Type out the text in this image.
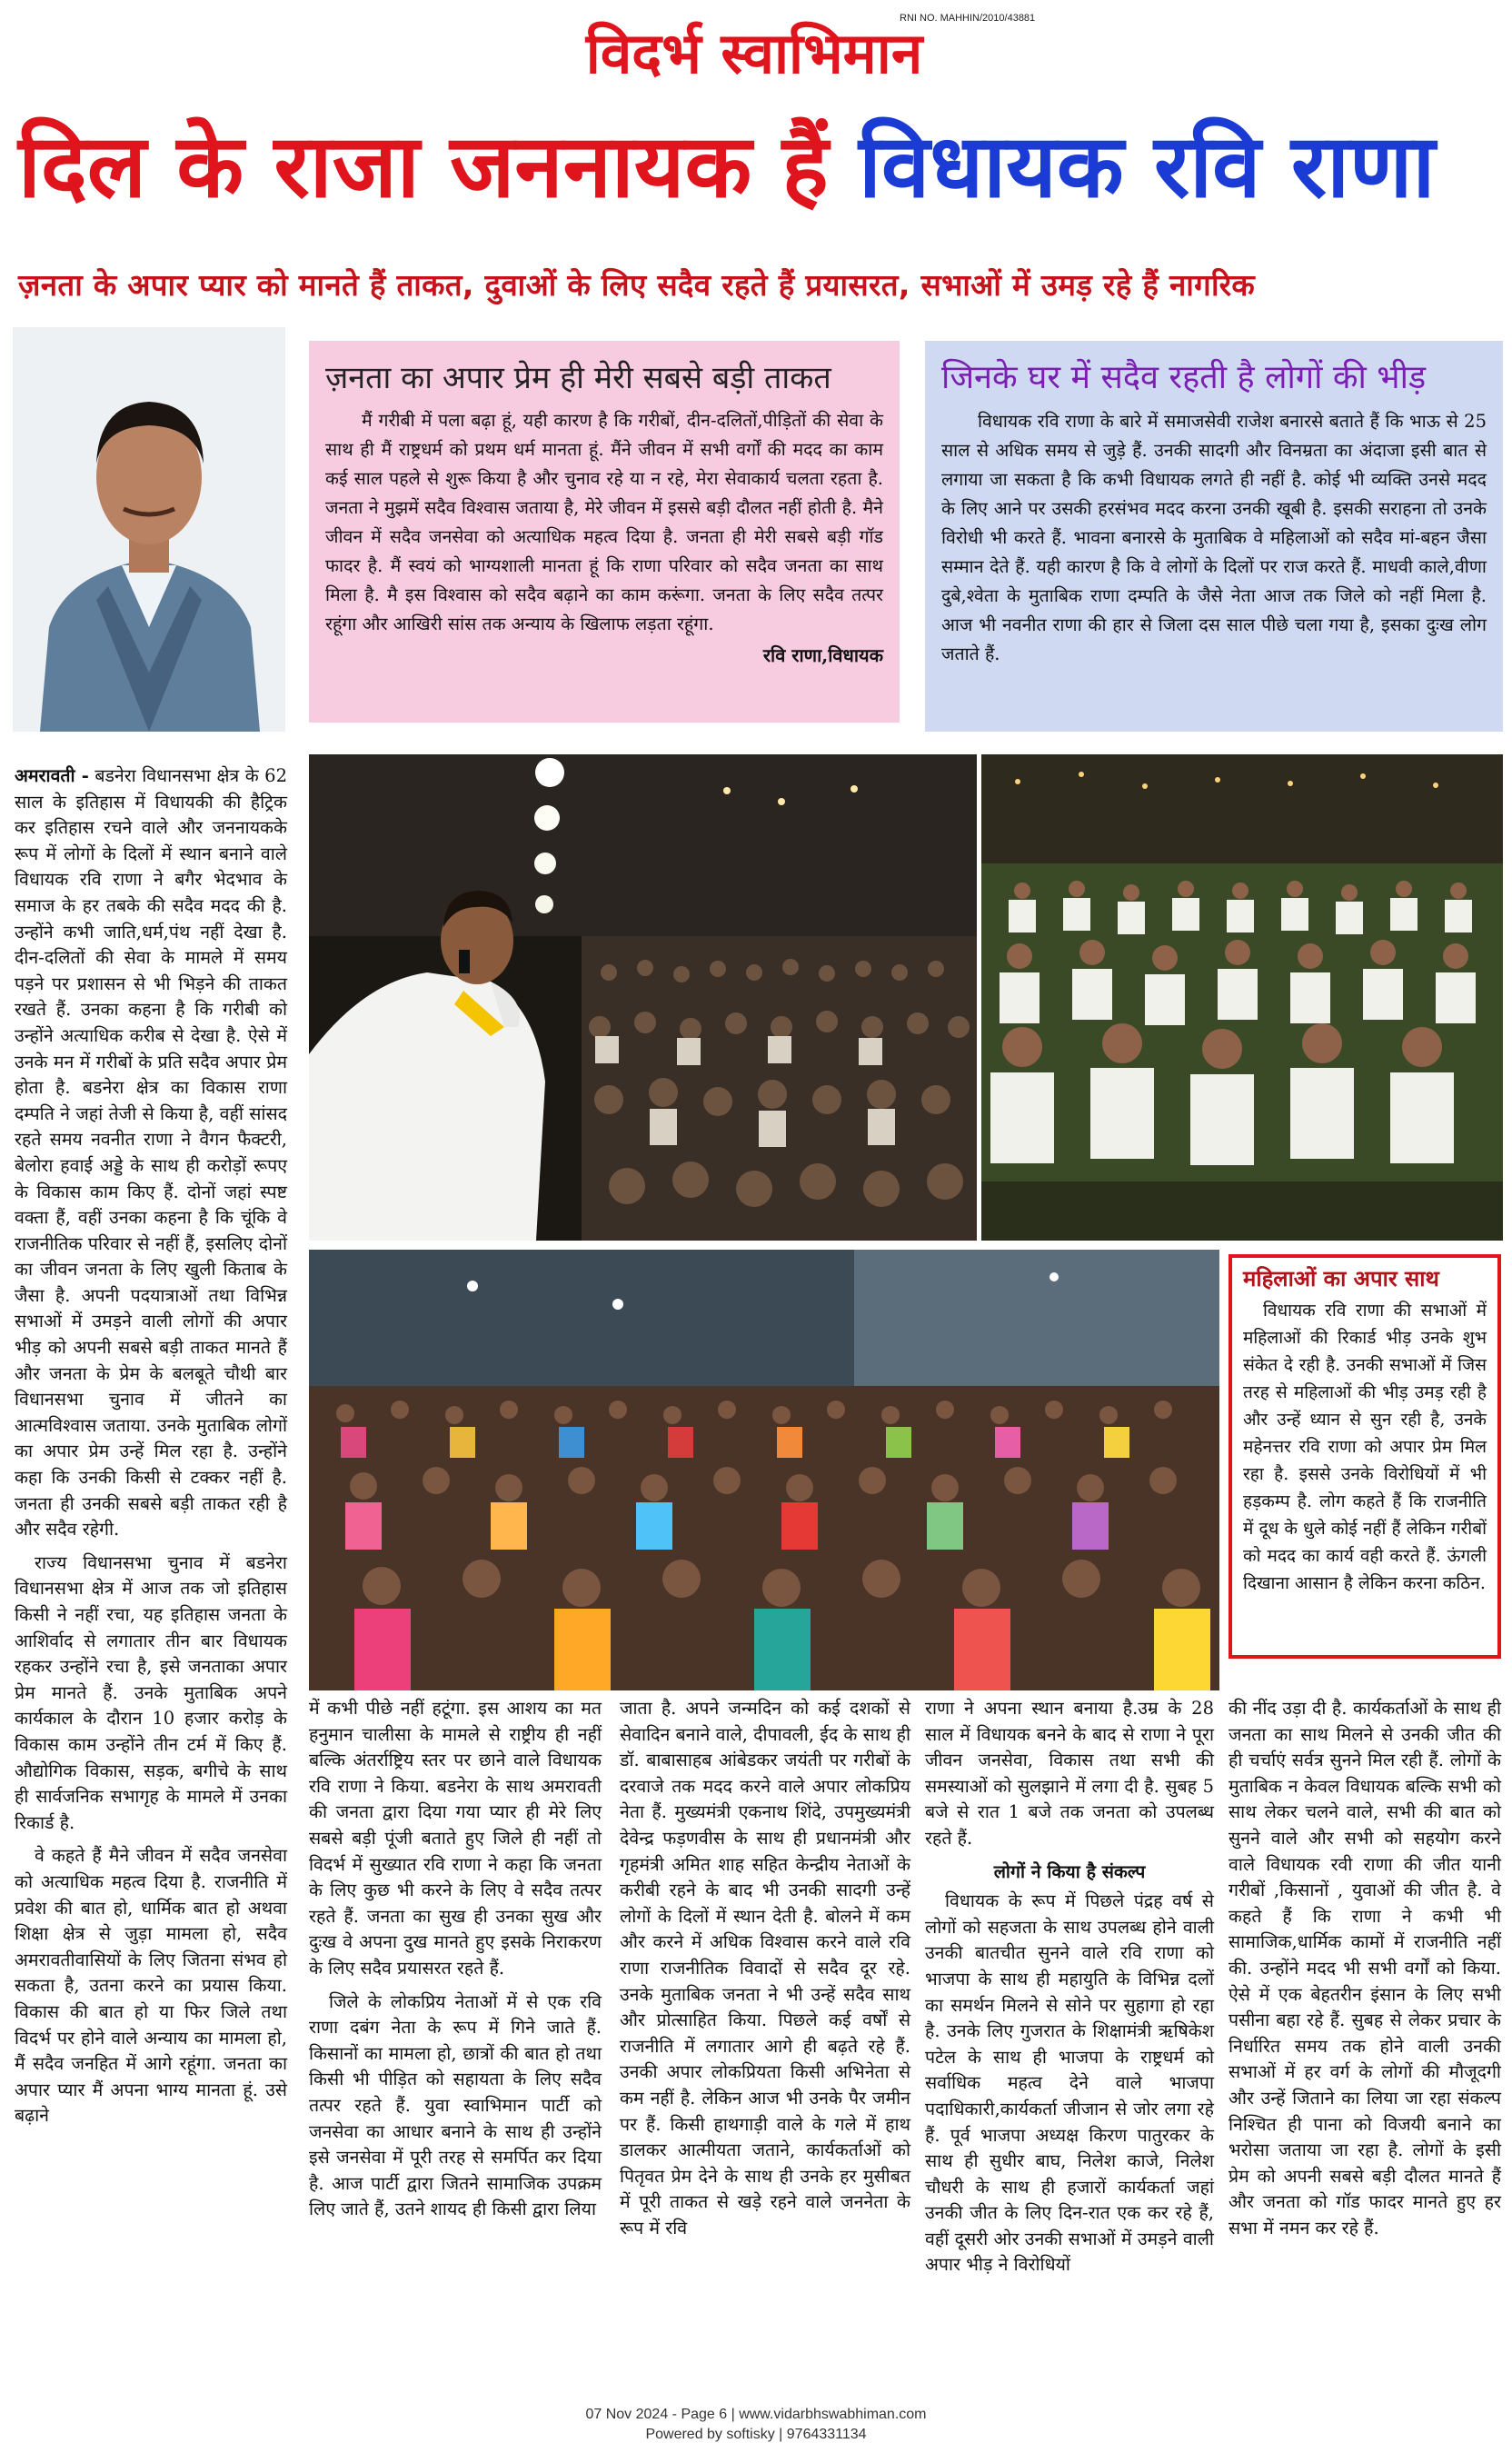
विदर्भ स्वाभिमान
RNI NO. MAHHIN/2010/43881
दिल के राजा जननायक हैं विधायक रवि राणा
ज़नता के अपार प्यार को मानते हैं ताकत, दुवाओं के लिए सदैव रहते हैं प्रयासरत, सभाओं में उमड़ रहे हैं नागरिक
ज़नता का अपार प्रेम ही मेरी सबसे बड़ी ताकत
मैं गरीबी में पला बढ़ा हूं, यही कारण है कि गरीबों, दीन-दलितों,पीड़ितों की सेवा के साथ ही मैं राष्ट्रधर्म को प्रथम धर्म मानता हूं. मैंने जीवन में सभी वर्गों की मदद का काम कई साल पहले से शुरू किया है और चुनाव रहे या न रहे, मेरा सेवाकार्य चलता रहता है. जनता ने मुझमें सदैव विश्वास जताया है, मेरे जीवन में इससे बड़ी दौलत नहीं होती है. मैने जीवन में सदैव जनसेवा को अत्याधिक महत्व दिया है. जनता ही मेरी सबसे बड़ी गॉड फादर है. मैं स्वयं को भाग्यशाली मानता हूं कि राणा परिवार को सदैव जनता का साथ मिला है. मै इस विश्वास को सदैव बढ़ाने का काम करूंगा. जनता के लिए सदैव तत्पर रहूंगा और आखिरी सांस तक अन्याय के खिलाफ लड़ता रहूंगा.
रवि राणा,विधायक
जिनके घर में सदैव रहती है लोगों की भीड़
विधायक रवि राणा के बारे में समाजसेवी राजेश बनारसे बताते हैं कि भाऊ से 25 साल से अधिक समय से जुड़े हैं. उनकी सादगी और विनम्रता का अंदाजा इसी बात से लगाया जा सकता है कि कभी विधायक लगते ही नहीं है. कोई भी व्यक्ति उनसे मदद के लिए आने पर उसकी हरसंभव मदद करना उनकी खूबी है. इसकी सराहना तो उनके विरोधी भी करते हैं. भावना बनारसे के मुताबिक वे महिलाओं को सदैव मां-बहन जैसा सम्मान देते हैं. यही कारण है कि वे लोगों के दिलों पर राज करते हैं. माधवी काले,वीणा दुबे,श्वेता के मुताबिक राणा दम्पति के जैसे नेता आज तक जिले को नहीं मिला है. आज भी नवनीत राणा की हार से जिला दस साल पीछे चला गया है, इसका दुःख लोग जताते हैं.

अमरावती - बडनेरा विधानसभा क्षेत्र के 62 साल के इतिहास में विधायकी की हैट्रिक कर इतिहास रचने वाले और जननायकके रूप में लोगों के दिलों में स्थान बनाने वाले विधायक रवि राणा ने बगैर भेदभाव के समाज के हर तबके की सदैव मदद की है. उन्होंने कभी जाति,धर्म,पंथ नहीं देखा है. दीन-दलितों की सेवा के मामले में समय पड़ने पर प्रशासन से भी भिड़ने की ताकत रखते हैं. उनका कहना है कि गरीबी को उन्होंने अत्याधिक करीब से देखा है. ऐसे में उनके मन में गरीबों के प्रति सदैव अपार प्रेम होता है. बडनेरा क्षेत्र का विकास राणा दम्पति ने जहां तेजी से किया है, वहीं सांसद रहते समय नवनीत राणा ने वैगन फैक्टरी, बेलोरा हवाई अड्डे के साथ ही करोड़ों रूपए के विकास काम किए हैं. दोनों जहां स्पष्ट वक्ता हैं, वहीं उनका कहना है कि चूंकि वे राजनीतिक परिवार से नहीं हैं, इसलिए दोनों का जीवन जनता के लिए खुली किताब के जैसा है. अपनी पदयात्राओं तथा विभिन्न सभाओं में उमड़ने वाली लोगों की अपार भीड़ को अपनी सबसे बड़ी ताकत मानते हैं और जनता के प्रेम के बलबूते चौथी बार विधानसभा चुनाव में जीतने का आत्मविश्वास जताया. उनके मुताबिक लोगों का अपार प्रेम उन्हें मिल रहा है. उन्होंने कहा कि उनकी किसी से टक्कर नहीं है. जनता ही उनकी सबसे बड़ी ताकत रही है और सदैव रहेगी.

राज्य विधानसभा चुनाव में बडनेरा विधानसभा क्षेत्र में आज तक जो इतिहास किसी ने नहीं रचा, यह इतिहास जनता के आशिर्वाद से लगातार तीन बार विधायक रहकर उन्होंने रचा है, इसे जनताका अपार प्रेम मानते हैं. उनके मुताबिक अपने कार्यकाल के दौरान 10 हजार करोड़ के विकास काम उन्होंने तीन टर्म में किए हैं. औद्योगिक विकास, सड़क, बगीचे के साथ ही सार्वजनिक सभागृह के मामले में उनका रिकार्ड है.

वे कहते हैं मैने जीवन में सदैव जनसेवा को अत्याधिक महत्व दिया है. राजनीति में प्रवेश की बात हो, धार्मिक बात हो अथवा शिक्षा क्षेत्र से जुड़ा मामला हो, सदैव अमरावतीवासियों के लिए जितना संभव हो सकता है, उतना करने का प्रयास किया. विकास की बात हो या फिर जिले तथा विदर्भ पर होने वाले अन्याय का मामला हो, मैं सदैव जनहित में आगे रहूंगा. जनता का अपार प्यार मैं अपना भाग्य मानता हूं. उसे बढ़ाने

महिलाओं का अपार साथ
विधायक रवि राणा की सभाओं में महिलाओं की रिकार्ड भीड़ उनके शुभ संकेत दे रही है. उनकी सभाओं में जिस तरह से महिलाओं की भीड़ उमड़ रही है और उन्हें ध्यान से सुन रही है, उनके महेनत्तर रवि राणा को अपार प्रेम मिल रहा है. इससे उनके विरोधियों में भी हड़कम्प है. लोग कहते हैं कि राजनीति में दूध के धुले कोई नहीं हैं लेकिन गरीबों को मदद का कार्य वही करते हैं. ऊंगली दिखाना आसान है लेकिन करना कठिन.

में कभी पीछे नहीं हटूंगा. इस आशय का मत हनुमान चालीसा के मामले से राष्ट्रीय ही नहीं बल्कि अंतर्राष्ट्रिय स्तर पर छाने वाले विधायक रवि राणा ने किया. बडनेरा के साथ अमरावती की जनता द्वारा दिया गया प्यार ही मेरे लिए सबसे बड़ी पूंजी बताते हुए जिले ही नहीं तो विदर्भ में सुख्यात रवि राणा ने कहा कि जनता के लिए कुछ भी करने के लिए वे सदैव तत्पर रहते हैं. जनता का सुख ही उनका सुख और दुःख वे अपना दुख मानते हुए इसके निराकरण के लिए सदैव प्रयासरत रहते हैं.

जिले के लोकप्रिय नेताओं में से एक रवि राणा दबंग नेता के रूप में गिने जाते हैं. किसानों का मामला हो, छात्रों की बात हो तथा किसी भी पीड़ित को सहायता के लिए सदैव तत्पर रहते हैं. युवा स्वाभिमान पार्टी को जनसेवा का आधार बनाने के साथ ही उन्होंने इसे जनसेवा में पूरी तरह से समर्पित कर दिया है. आज पार्टी द्वारा जितने सामाजिक उपक्रम लिए जाते हैं, उतने शायद ही किसी द्वारा लिया

जाता है. अपने जन्मदिन को कई दशकों से सेवादिन बनाने वाले, दीपावली, ईद के साथ ही डॉ. बाबासाहब आंबेडकर जयंती पर गरीबों के दरवाजे तक मदद करने वाले अपार लोकप्रिय नेता हैं. मुख्यमंत्री एकनाथ शिंदे, उपमुख्यमंत्री देवेन्द्र फड़णवीस के साथ ही प्रधानमंत्री और गृहमंत्री अमित शाह सहित केन्द्रीय नेताओं के करीबी रहने के बाद भी उनकी सादगी उन्हें लोगों के दिलों में स्थान देती है. बोलने में कम और करने में अधिक विश्वास करने वाले रवि राणा राजनीतिक विवादों से सदैव दूर रहे. उनके मुताबिक जनता ने भी उन्हें सदैव साथ और प्रोत्साहित किया. पिछले कई वर्षों से राजनीति में लगातार आगे ही बढ़ते रहे हैं. उनकी अपार लोकप्रियता किसी अभिनेता से कम नहीं है. लेकिन आज भी उनके पैर जमीन पर हैं. किसी हाथगाड़ी वाले के गले में हाथ डालकर आत्मीयता जताने, कार्यकर्ताओं को पितृवत प्रेम देने के साथ ही उनके हर मुसीबत में पूरी ताकत से खड़े रहने वाले जननेता के रूप में रवि

राणा ने अपना स्थान बनाया है.उम्र के 28 साल में विधायक बनने के बाद से राणा ने पूरा जीवन जनसेवा, विकास तथा सभी की समस्याओं को सुलझाने में लगा दी है. सुबह 5 बजे से रात 1 बजे तक जनता को उपलब्ध रहते हैं.

लोगों ने किया है संकल्प

विधायक के रूप में पिछले पंद्रह वर्ष से लोगों को सहजता के साथ उपलब्ध होने वाली उनकी बातचीत सुनने वाले रवि राणा को भाजपा के साथ ही महायुति के विभिन्न दलों का समर्थन मिलने से सोने पर सुहागा हो रहा है. उनके लिए गुजरात के शिक्षामंत्री ऋषिकेश पटेल के साथ ही भाजपा के राष्ट्रधर्म को सर्वाधिक महत्व देने वाले भाजपा पदाधिकारी,कार्यकर्ता जीजान से जोर लगा रहे हैं. पूर्व भाजपा अध्यक्ष किरण पातुरकर के साथ ही सुधीर बाघ, निलेश काजे, निलेश चौधरी के साथ ही हजारों कार्यकर्ता जहां उनकी जीत के लिए दिन-रात एक कर रहे हैं, वहीं दूसरी ओर उनकी सभाओं में उमड़ने वाली अपार भीड़ ने विरोधियों

की नींद उड़ा दी है. कार्यकर्ताओं के साथ ही जनता का साथ मिलने से उनकी जीत की ही चर्चाएं सर्वत्र सुनने मिल रही हैं. लोगों के मुताबिक न केवल विधायक बल्कि सभी को साथ लेकर चलने वाले, सभी की बात को सुनने वाले और सभी को सहयोग करने वाले विधायक रवी राणा की जीत यानी गरीबों ,किसानों , युवाओं की जीत है. वे कहते हैं कि राणा ने कभी भी सामाजिक,धार्मिक कामों में राजनीति नहीं की. उन्होंने मदद भी सभी वर्गों को किया. ऐसे में एक बेहतरीन इंसान के लिए सभी पसीना बहा रहे हैं. सुबह से लेकर प्रचार के निर्धारित समय तक होने वाली उनकी सभाओं में हर वर्ग के लोगों की मौजूदगी और उन्हें जिताने का लिया जा रहा संकल्प निश्चित ही पाना को विजयी बनाने का भरोसा जताया जा रहा है. लोगों के इसी प्रेम को अपनी सबसे बड़ी दौलत मानते हैं और जनता को गॉड फादर मानते हुए हर सभा में नमन कर रहे हैं.

07 Nov 2024 - Page 6 | www.vidarbhswabhiman.com
Powered by softisky | 9764331134
